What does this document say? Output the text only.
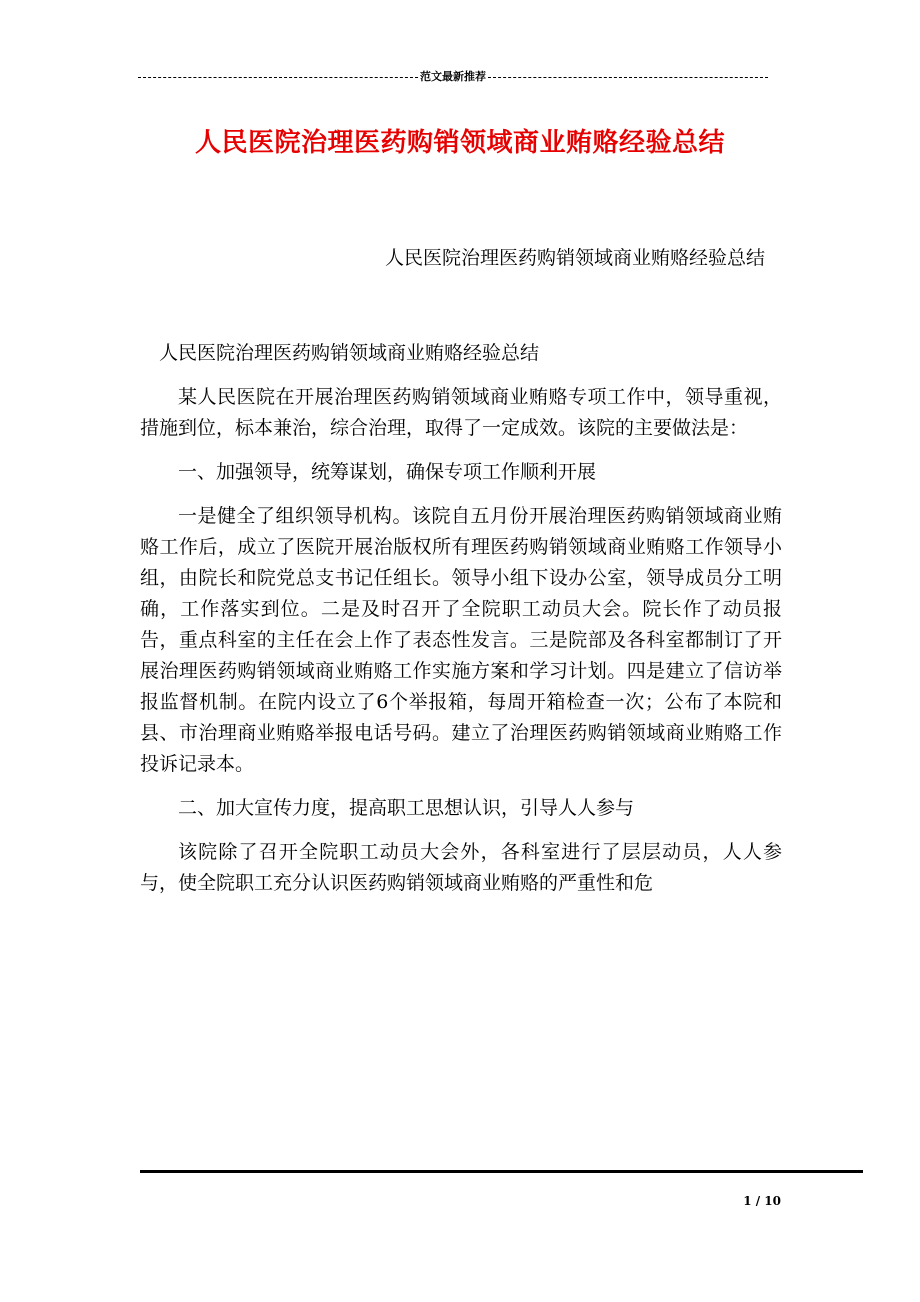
范文最新推荐
人民医院治理医药购销领域商业贿赂经验总结
人民医院治理医药购销领域商业贿赂经验总结

人民医院治理医药购销领域商业贿赂经验总结

某人民医院在开展治理医药购销领域商业贿赂专项工作中，领导重视，措施到位，标本兼治，综合治理，取得了一定成效。该院的主要做法是：

一、加强领导，统筹谋划，确保专项工作顺利开展

一是健全了组织领导机构。该院自五月份开展治理医药购销领域商业贿赂工作后，成立了医院开展治版权所有理医药购销领域商业贿赂工作领导小组，由院长和院党总支书记任组长。领导小组下设办公室，领导成员分工明确，工作落实到位。二是及时召开了全院职工动员大会。院长作了动员报告，重点科室的主任在会上作了表态性发言。三是院部及各科室都制订了开展治理医药购销领域商业贿赂工作实施方案和学习计划。四是建立了信访举报监督机制。在院内设立了6个举报箱，每周开箱检查一次；公布了本院和县、市治理商业贿赂举报电话号码。建立了治理医药购销领域商业贿赂工作投诉记录本。

二、加大宣传力度，提高职工思想认识，引导人人参与

该院除了召开全院职工动员大会外，各科室进行了层层动员，人人参与，使全院职工充分认识医药购销领域商业贿赂的严重性和危

1 / 10
